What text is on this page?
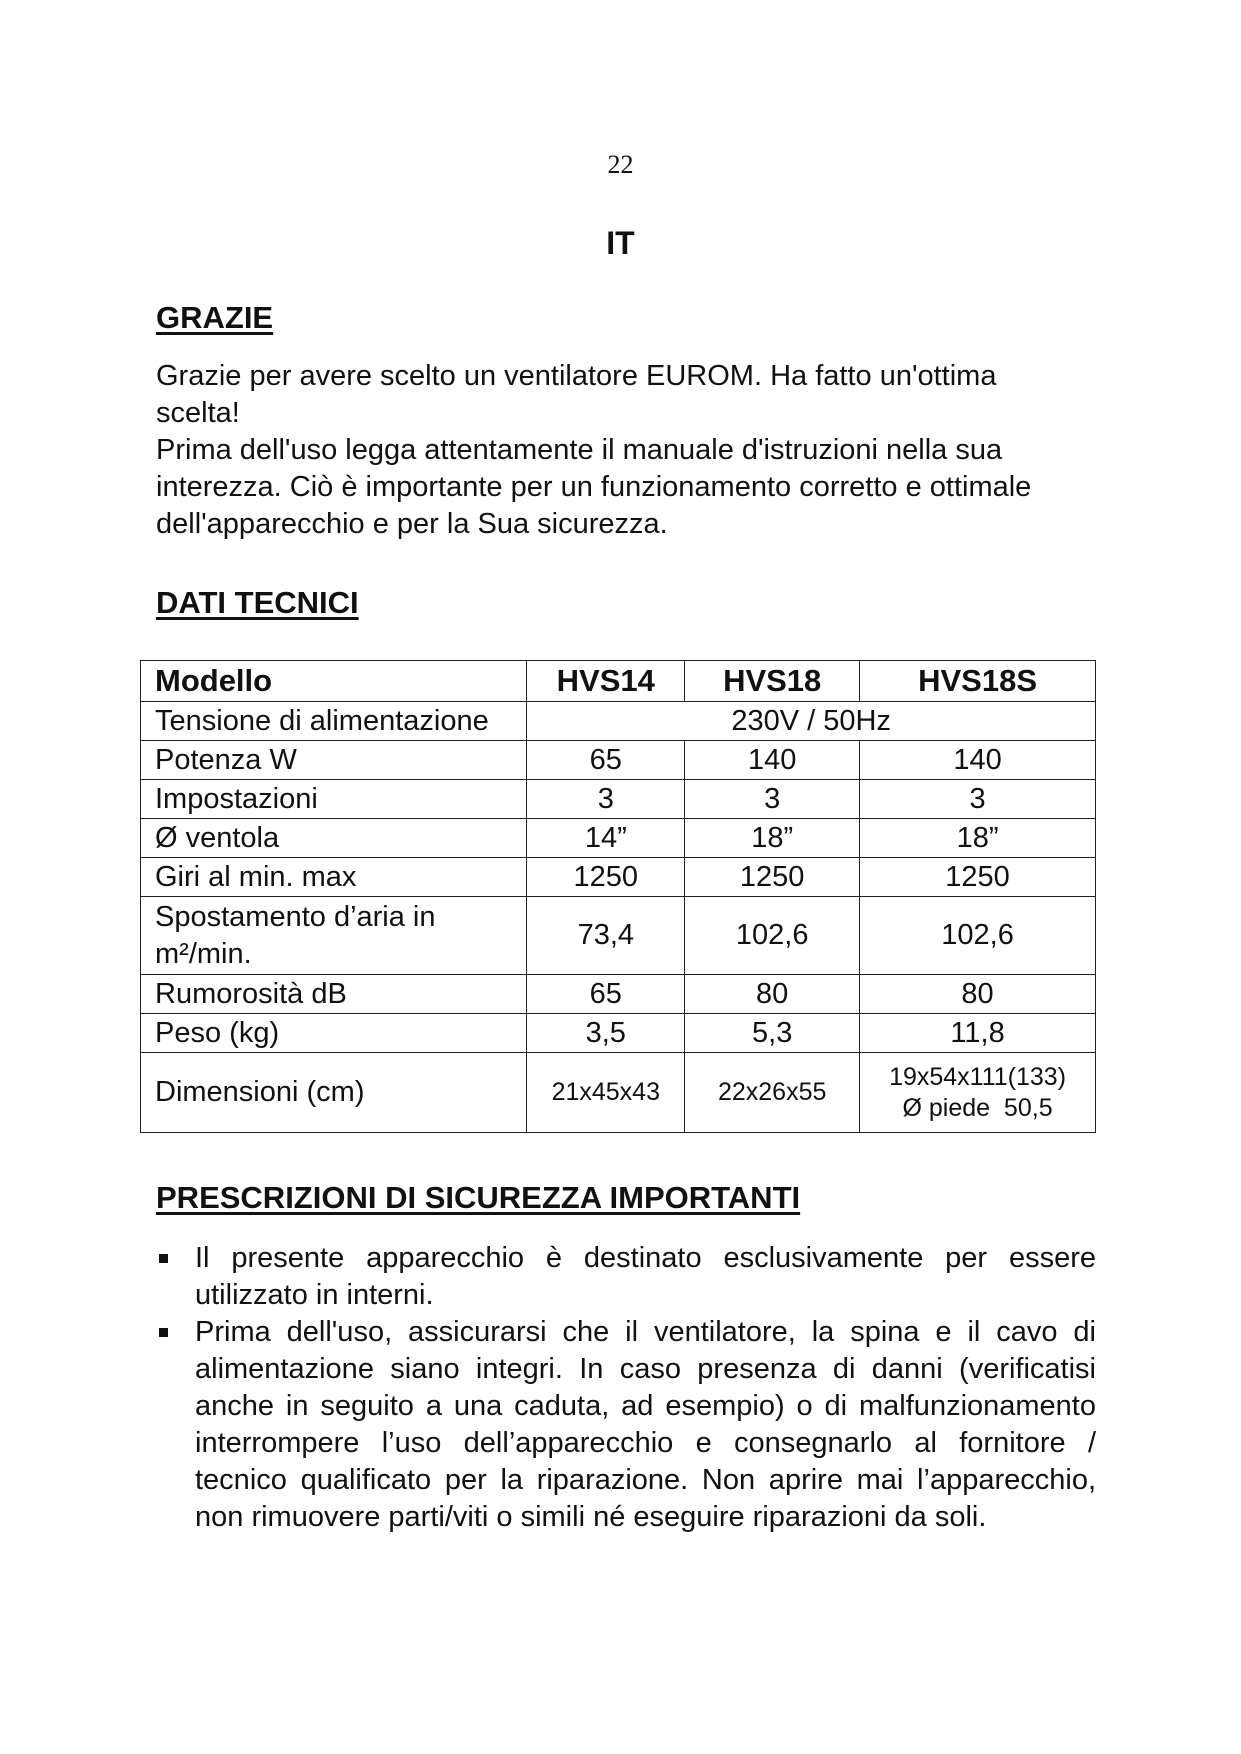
22
IT
GRAZIE

Grazie per avere scelto un ventilatore EUROM. Ha fatto un'ottima

scelta!

Prima dell'uso legga attentamente il manuale d'istruzioni nella sua

interezza. Ciò è importante per un funzionamento corretto e ottimale

dell'apparecchio e per la Sua sicurezza.

DATI TECNICI
Modello	HVS14	HVS18	HVS18S
Tensione di alimentazione	230V / 50Hz		
Potenza W	65	140	140
Impostazioni	3	3	3
Ø ventola	14”	18”	18”
Giri al min. max	1250	1250	1250
Spostamento d’aria in
m²/min.	73,4	102,6	102,6
Rumorosità dB	65	80	80
Peso (kg)	3,5	5,3	11,8
Dimensioni (cm)	21x45x43	22x26x55	19x54x111(133)
Ø piede  50,5
PRESCRIZIONI DI SICUREZZA IMPORTANTI
Il presente apparecchio è destinato esclusivamente per essere utilizzato in interni.
Prima dell'uso, assicurarsi che il ventilatore, la spina e il cavo di alimentazione siano integri. In caso presenza di danni (verificatisi anche in seguito a una caduta, ad esempio) o di malfunzionamento interrompere l’uso dell’apparecchio e consegnarlo al fornitore / tecnico qualificato per la riparazione. Non aprire mai l’apparecchio, non rimuovere parti/viti o simili né eseguire riparazioni da soli.
